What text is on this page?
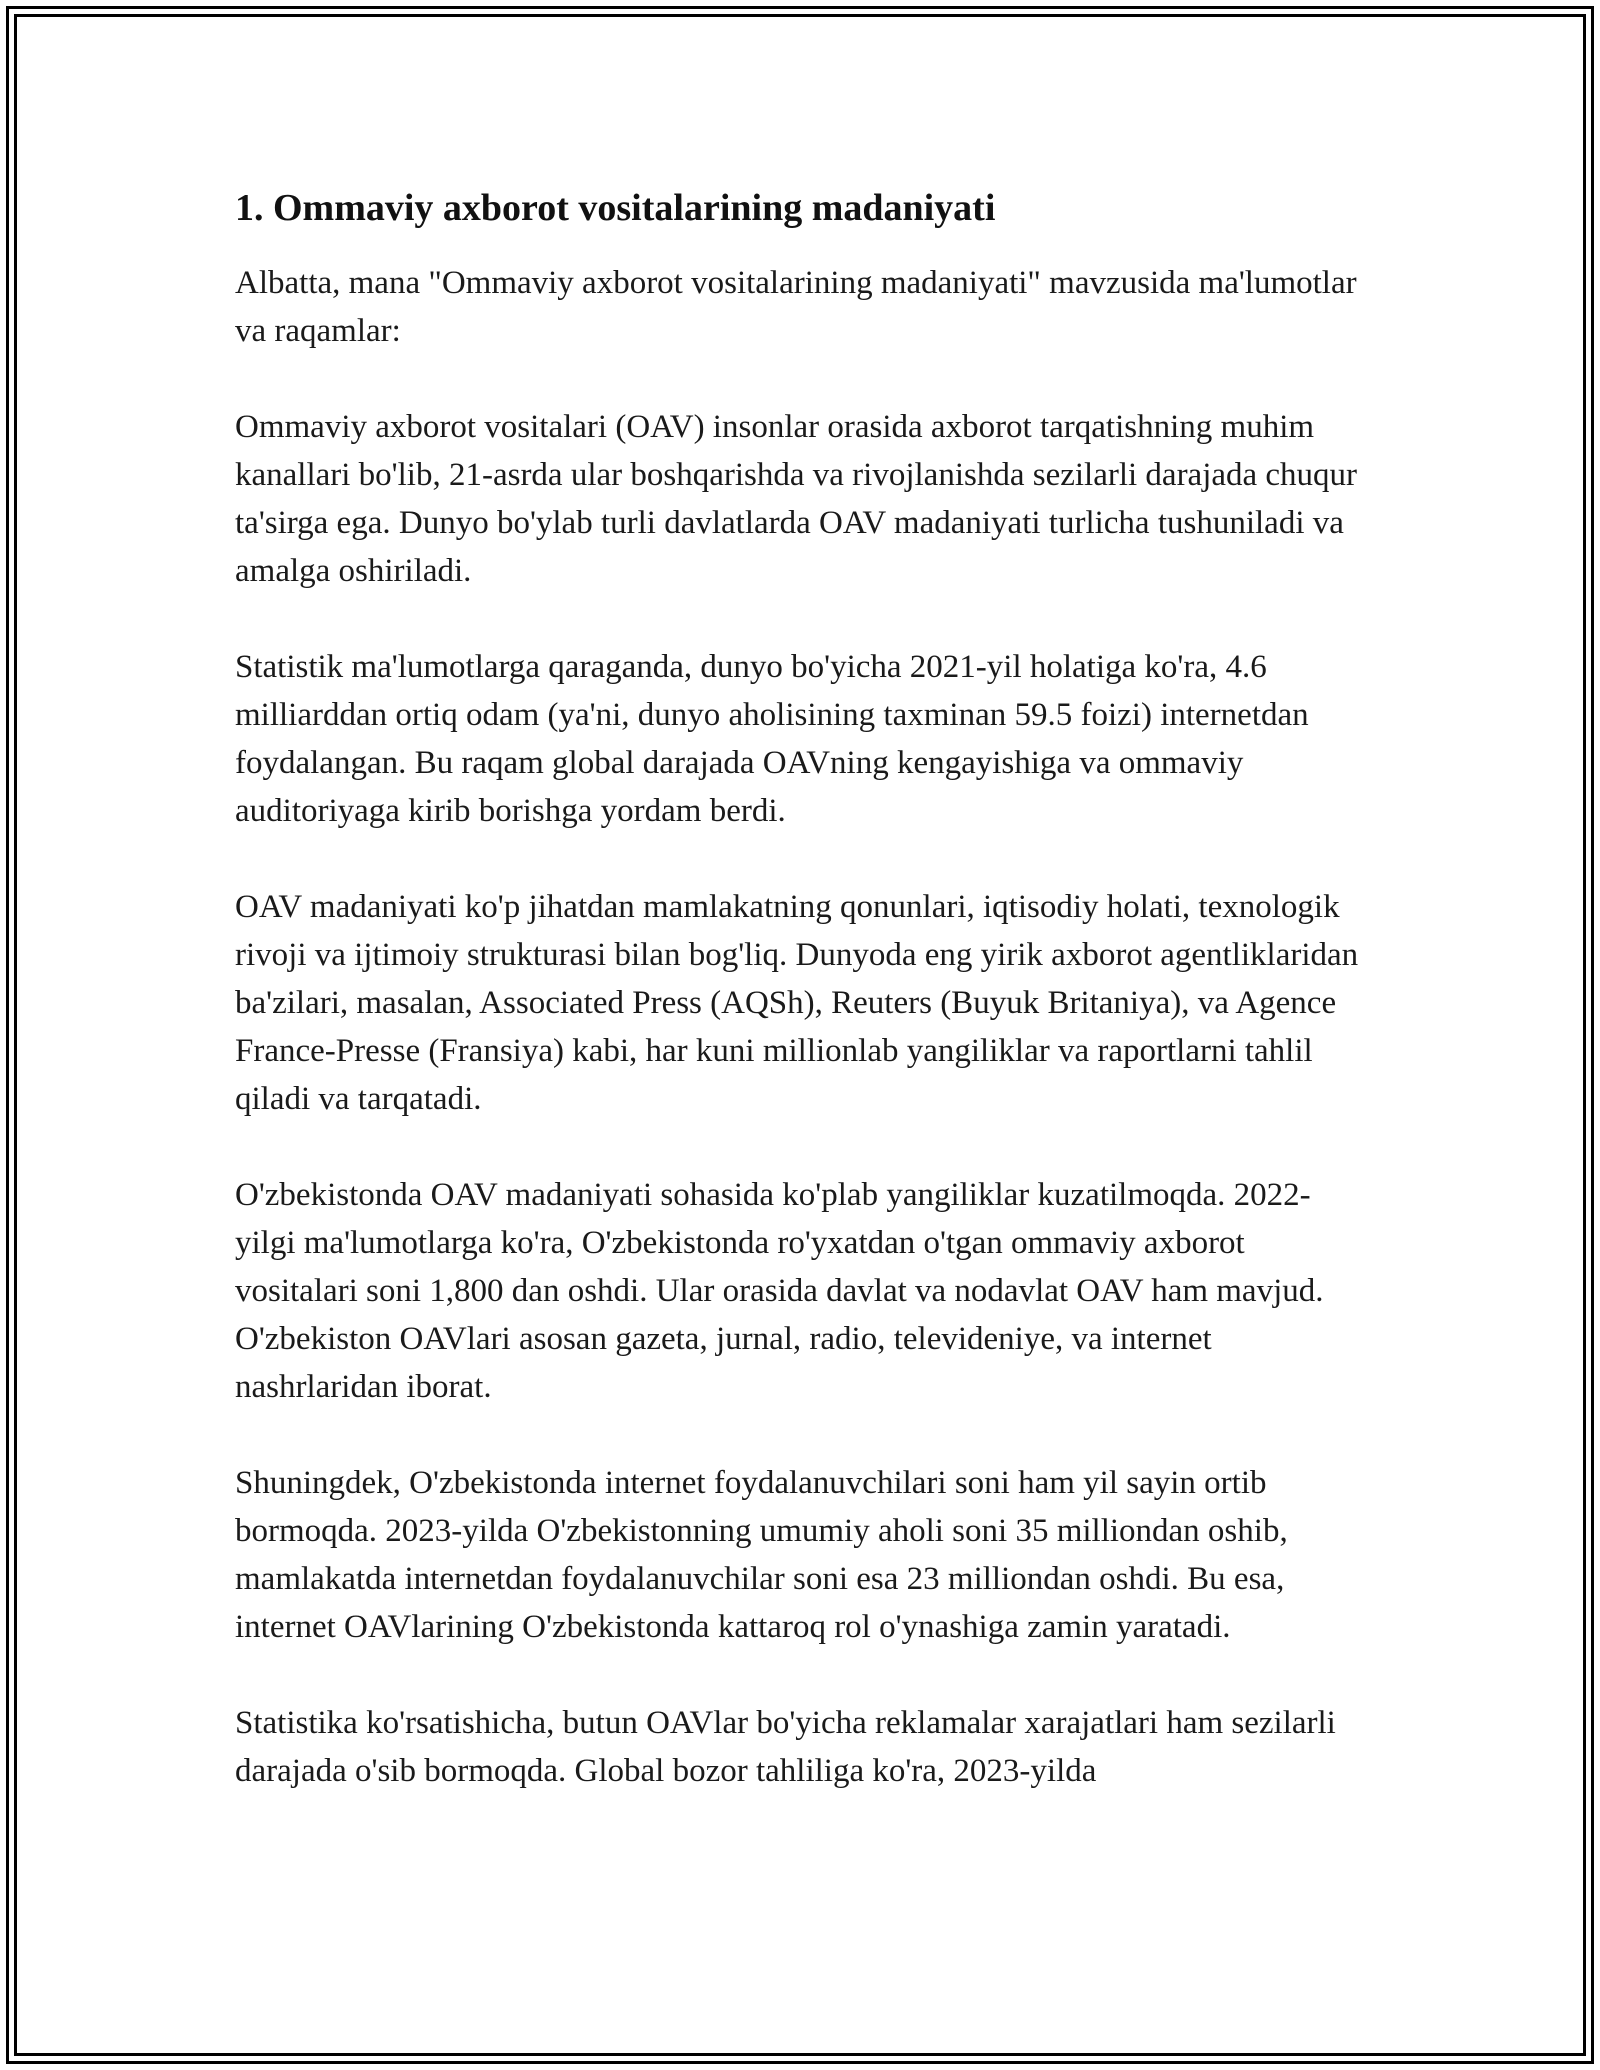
1. Ommaviy axborot vositalarining madaniyati

Albatta, mana "Ommaviy axborot vositalarining madaniyati" mavzusida ma'lumotlar va raqamlar:

Ommaviy axborot vositalari (OAV) insonlar orasida axborot tarqatishning muhim kanallari bo'lib, 21-asrda ular boshqarishda va rivojlanishda sezilarli darajada chuqur ta'sirga ega. Dunyo bo'ylab turli davlatlarda OAV madaniyati turlicha tushuniladi va amalga oshiriladi.

Statistik ma'lumotlarga qaraganda, dunyo bo'yicha 2021-yil holatiga ko'ra, 4.6 milliarddan ortiq odam (ya'ni, dunyo aholisining taxminan 59.5 foizi) internetdan foydalangan. Bu raqam global darajada OAVning kengayishiga va ommaviy auditoriyaga kirib borishga yordam berdi.

OAV madaniyati ko'p jihatdan mamlakatning qonunlari, iqtisodiy holati, texnologik rivoji va ijtimoiy strukturasi bilan bog'liq. Dunyoda eng yirik axborot agentliklaridan ba'zilari, masalan, Associated Press (AQSh), Reuters (Buyuk Britaniya), va Agence France-Presse (Fransiya) kabi, har kuni millionlab yangiliklar va raportlarni tahlil qiladi va tarqatadi.

O'zbekistonda OAV madaniyati sohasida ko'plab yangiliklar kuzatilmoqda. 2022-yilgi ma'lumotlarga ko'ra, O'zbekistonda ro'yxatdan o'tgan ommaviy axborot vositalari soni 1,800 dan oshdi. Ular orasida davlat va nodavlat OAV ham mavjud. O'zbekiston OAVlari asosan gazeta, jurnal, radio, televideniye, va internet nashrlaridan iborat.

Shuningdek, O'zbekistonda internet foydalanuvchilari soni ham yil sayin ortib bormoqda. 2023-yilda O'zbekistonning umumiy aholi soni 35 milliondan oshib, mamlakatda internetdan foydalanuvchilar soni esa 23 milliondan oshdi. Bu esa, internet OAVlarining O'zbekistonda kattaroq rol o'ynashiga zamin yaratadi.

Statistika ko'rsatishicha, butun OAVlar bo'yicha reklamalar xarajatlari ham sezilarli darajada o'sib bormoqda. Global bozor tahliliga ko'ra, 2023-yilda
